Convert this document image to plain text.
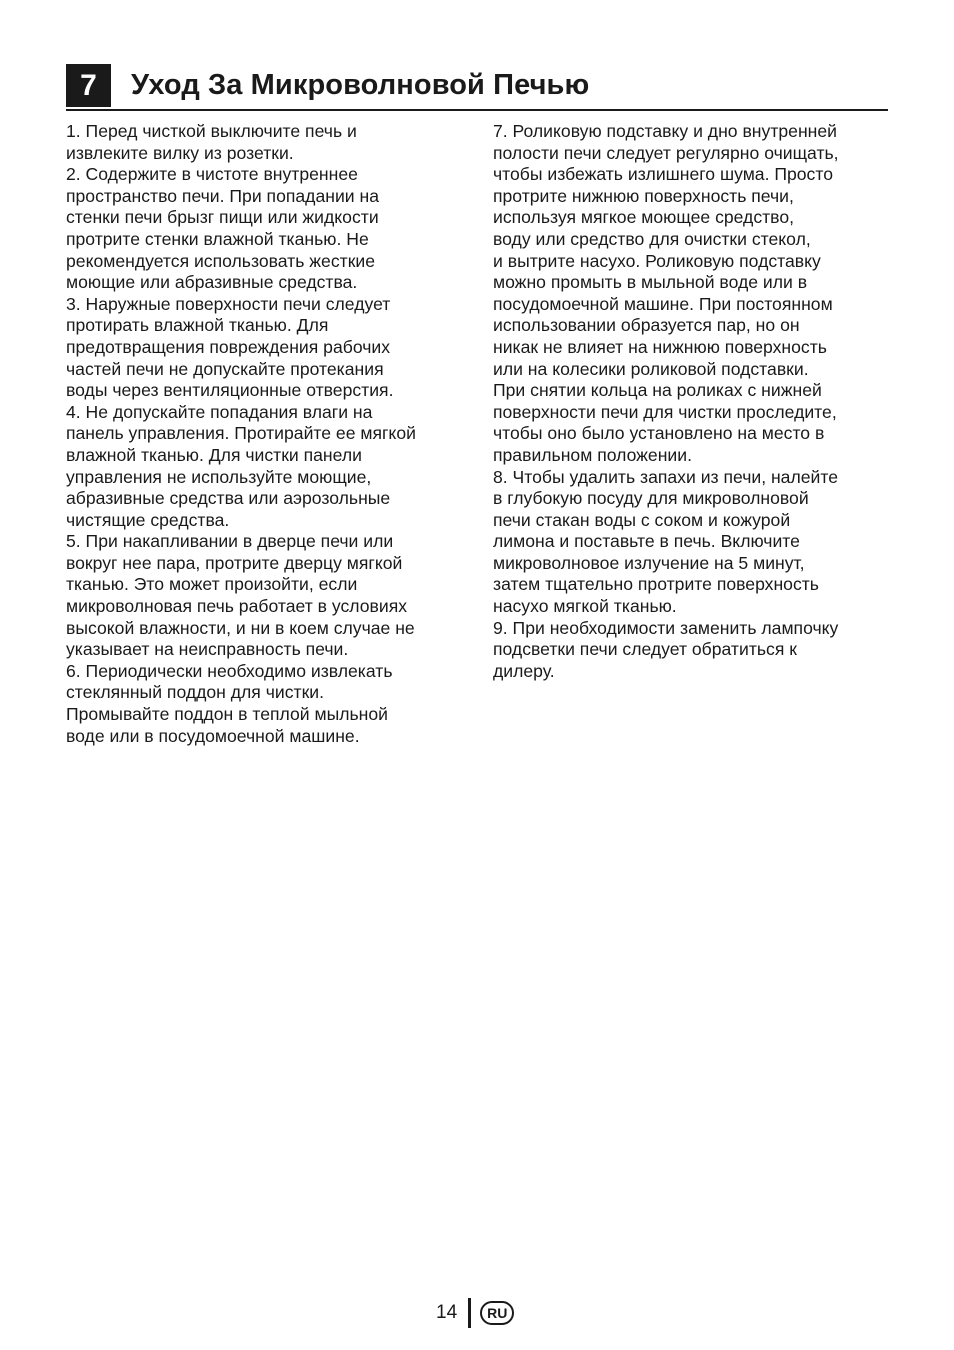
7	Уход За Микроволновой Печью

1. Перед чисткой выключите печь и
извлеките вилку из розетки.

2. Содержите в чистоте внутреннее
пространство печи. При попадании на
стенки печи брызг пищи или жидкости
протрите стенки влажной тканью. Не
рекомендуется использовать жесткие
моющие или абразивные средства.

3. Наружные поверхности печи следует
протирать влажной тканью. Для
предотвращения повреждения рабочих
частей печи не допускайте протекания
воды через вентиляционные отверстия.

4. Не допускайте попадания влаги на
панель управления. Протирайте ее мягкой
влажной тканью. Для чистки панели
управления не используйте моющие,
абразивные средства или аэрозольные
чистящие средства.

5. При накапливании в дверце печи или
вокруг нее пара, протрите дверцу мягкой
тканью. Это может произойти, если
микроволновая печь работает в условиях
высокой влажности, и ни в коем случае не
указывает на неисправность печи.

6. Периодически необходимо извлекать
стеклянный поддон для чистки.
Промывайте поддон в теплой мыльной
воде или в посудомоечной машине.

7. Роликовую подставку и дно внутренней
полости печи следует регулярно очищать,
чтобы избежать излишнего шума. Просто
протрите нижнюю поверхность печи,
используя мягкое моющее средство,
воду или средство для очистки стекол,
и вытрите насухо. Роликовую подставку
можно промыть в мыльной воде или в
посудомоечной машине. При постоянном
использовании образуется пар, но он
никак не влияет на нижнюю поверхность
или на колесики роликовой подставки.
При снятии кольца на роликах с нижней
поверхности печи для чистки проследите,
чтобы оно было установлено на место в
правильном положении.

8. Чтобы удалить запахи из печи, налейте
в глубокую посуду для микроволновой
печи стакан воды с соком и кожурой
лимона и поставьте в печь. Включите
микроволновое излучение на 5 минут,
затем тщательно протрите поверхность
насухо мягкой тканью.

9. При необходимости заменить лампочку
подсветки печи следует обратиться к
дилеру.

14	RU
